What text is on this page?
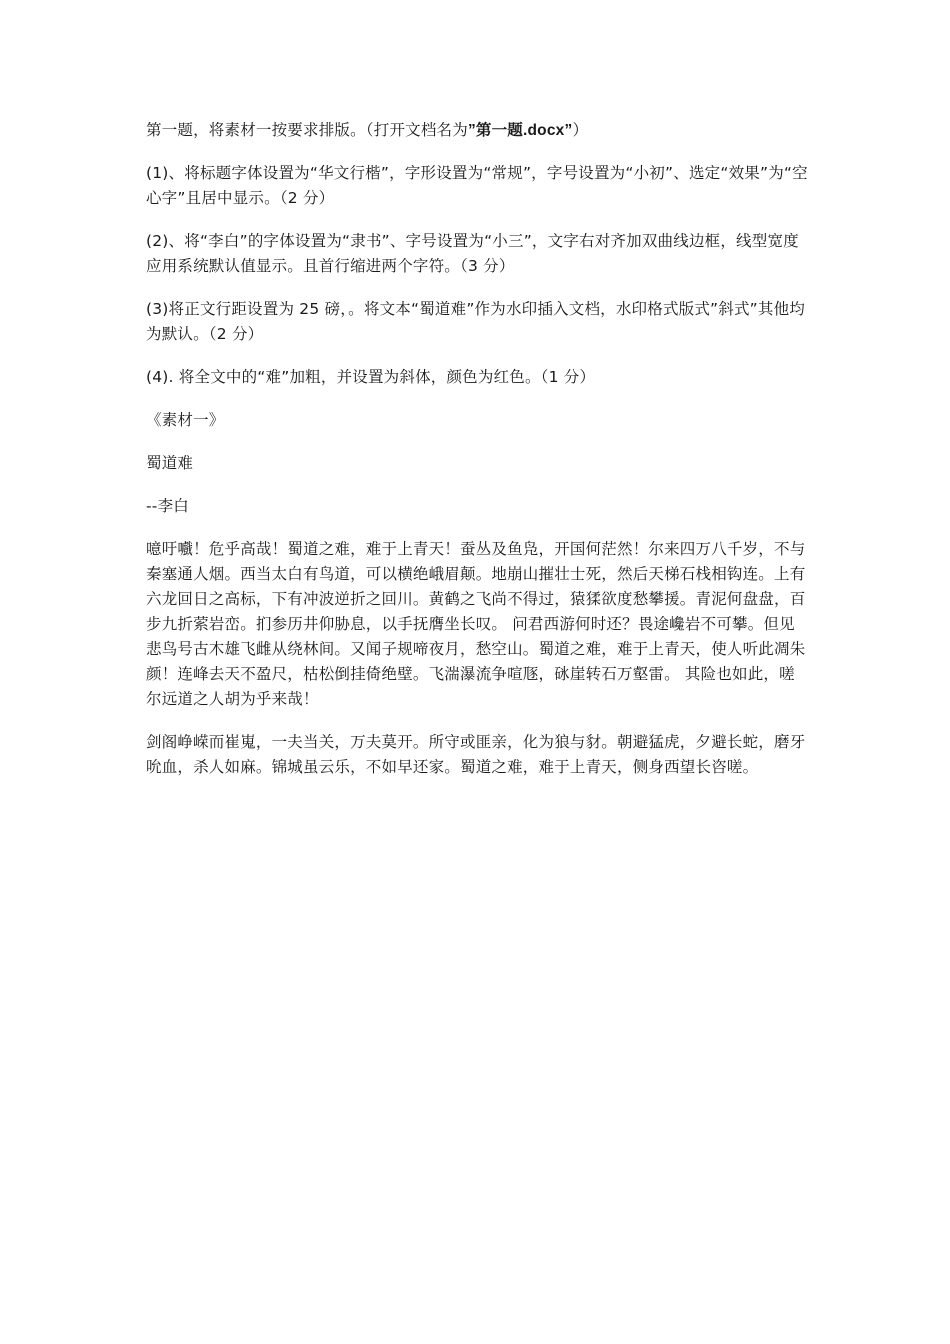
第一题，将素材一按要求排版。（打开文档名为”第一题.docx”）

(1)、将标题字体设置为“华文行楷”，字形设置为“常规”，字号设置为“小初”、选定“效果”为“空心字”且居中显示。（2 分）

(2)、将“李白”的字体设置为“隶书”、字号设置为“小三”，文字右对齐加双曲线边框，线型宽度应用系统默认值显示。且首行缩进两个字符。（3 分）

(3)将正文行距设置为 25 磅，。将文本“蜀道难”作为水印插入文档，水印格式版式”斜式”其他均为默认。（2 分）

(4). 将全文中的“难”加粗，并设置为斜体，颜色为红色。（1 分）

《素材一》

蜀道难

--李白

噫吁嚱！危乎高哉！蜀道之难，难于上青天！蚕丛及鱼凫，开国何茫然！尔来四万八千岁，不与秦塞通人烟。西当太白有鸟道，可以横绝峨眉颠。地崩山摧壮士死，然后天梯石栈相钩连。上有六龙回日之高标，下有冲波逆折之回川。黄鹤之飞尚不得过，猿猱欲度愁攀援。青泥何盘盘，百步九折萦岩峦。扪参历井仰胁息，以手抚膺坐长叹。 问君西游何时还？畏途巉岩不可攀。但见悲鸟号古木雄飞雌从绕林间。又闻子规啼夜月，愁空山。蜀道之难，难于上青天，使人听此凋朱颜！连峰去天不盈尺，枯松倒挂倚绝壁。飞湍瀑流争喧豗，砯崖转石万壑雷。 其险也如此，嗟尔远道之人胡为乎来哉！

剑阁峥嵘而崔嵬，一夫当关，万夫莫开。所守或匪亲，化为狼与豺。朝避猛虎，夕避长蛇，磨牙吮血，杀人如麻。锦城虽云乐，不如早还家。蜀道之难，难于上青天，侧身西望长咨嗟。
